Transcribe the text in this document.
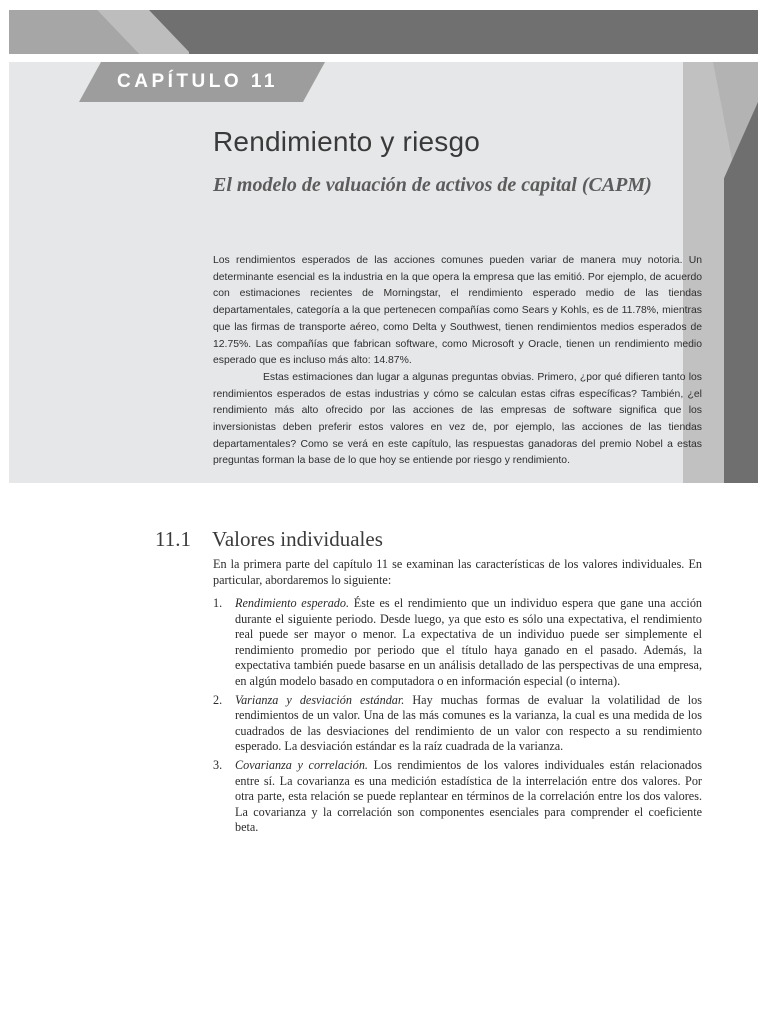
CAPÍTULO 11
Rendimiento y riesgo
El modelo de valuación de activos de capital (CAPM)

Los rendimientos esperados de las acciones comunes pueden variar de manera muy notoria. Un determinante esencial es la industria en la que opera la empresa que las emitió. Por ejemplo, de acuerdo con estimaciones recientes de Morningstar, el rendimiento esperado medio de las tiendas departamentales, categoría a la que pertenecen compañías como Sears y Kohls, es de 11.78%, mientras que las firmas de transporte aéreo, como Delta y Southwest, tienen rendimientos medios esperados de 12.75%. Las compañías que fabrican software, como Microsoft y Oracle, tienen un rendimiento medio esperado que es incluso más alto: 14.87%.

Estas estimaciones dan lugar a algunas preguntas obvias. Primero, ¿por qué difieren tanto los rendimientos esperados de estas industrias y cómo se calculan estas cifras específicas? También, ¿el rendimiento más alto ofrecido por las acciones de las empresas de software significa que los inversionistas deben preferir estos valores en vez de, por ejemplo, las acciones de las tiendas departamentales? Como se verá en este capítulo, las respuestas ganadoras del premio Nobel a estas preguntas forman la base de lo que hoy se entiende por riesgo y rendimiento.

11.1 Valores individuales
En la primera parte del capítulo 11 se examinan las características de los valores individuales. En particular, abordaremos lo siguiente:
1. Rendimiento esperado. Éste es el rendimiento que un individuo espera que gane una acción durante el siguiente periodo. Desde luego, ya que esto es sólo una expectativa, el rendimiento real puede ser mayor o menor. La expectativa de un individuo puede ser simplemente el rendimiento promedio por periodo que el título haya ganado en el pasado. Además, la expectativa también puede basarse en un análisis detallado de las perspectivas de una empresa, en algún modelo basado en computadora o en información especial (o interna).
2. Varianza y desviación estándar. Hay muchas formas de evaluar la volatilidad de los rendimientos de un valor. Una de las más comunes es la varianza, la cual es una medida de los cuadrados de las desviaciones del rendimiento de un valor con respecto a su rendimiento esperado. La desviación estándar es la raíz cuadrada de la varianza.
3. Covarianza y correlación. Los rendimientos de los valores individuales están relacionados entre sí. La covarianza es una medición estadística de la interrelación entre dos valores. Por otra parte, esta relación se puede replantear en términos de la correlación entre los dos valores. La covarianza y la correlación son componentes esenciales para comprender el coeficiente beta.
